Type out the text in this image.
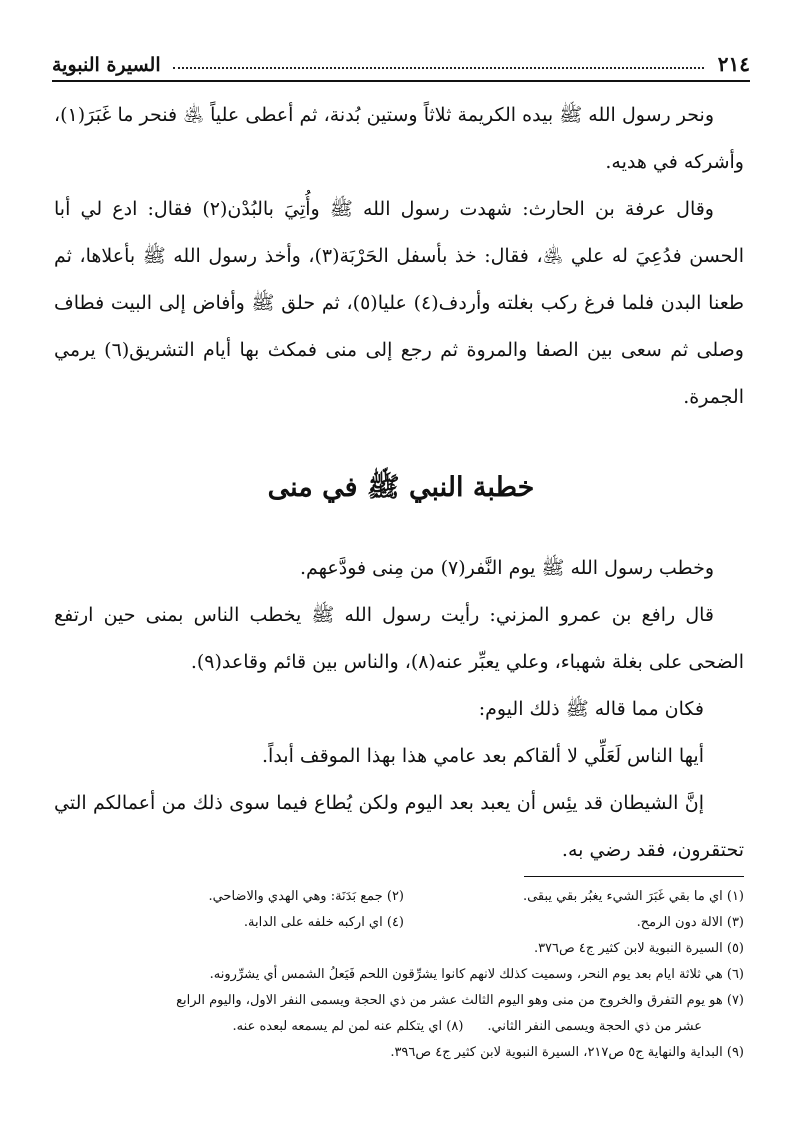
٢١٤
السيرة النبوية

ونحر رسول الله ﷺ بيده الكريمة ثلاثاً وستين بُدنة، ثم أعطى علياً ﵁ فنحر ما غَبَرَ(١)، وأشركه في هديه.

وقال عرفة بن الحارث: شهدت رسول الله ﷺ وأُتِيَ بالبُدْن(٢) فقال: ادع لي أبا الحسن فدُعِيَ له علي ﵁، فقال: خذ بأسفل الحَرْبَة(٣)، وأخذ رسول الله ﷺ بأعلاها، ثم طعنا البدن فلما فرغ ركب بغلته وأردف(٤) عليا(٥)، ثم حلق ﷺ وأفاض إلى البيت فطاف وصلى ثم سعى بين الصفا والمروة ثم رجع إلى منى فمكث بها أيام التشريق(٦) يرمي الجمرة.

خطبة النبي ﷺ في منى

وخطب رسول الله ﷺ يوم النَّفر(٧) من مِنى فودَّعهم.

قال رافع بن عمرو المزني: رأيت رسول الله ﷺ يخطب الناس بمنى حين ارتفع الضحى على بغلة شهباء، وعلي يعبِّر عنه(٨)، والناس بين قائم وقاعد(٩).

فكان مما قاله ﷺ ذلك اليوم:

أيها الناس لَعَلِّي لا ألقاكم بعد عامي هذا بهذا الموقف أبداً.

إنَّ الشيطان قد يئِس أن يعبد بعد اليوم ولكن يُطاع فيما سوى ذلك من أعمالكم التي تحتقرون، فقد رضي به.

(١) اي ما بقي غَبَرَ الشيء يغبُر بقي يبقى.
(٢) جمع بَدَنَة: وهي الهدي والاضاحي.
(٣) الالة دون الرمح.
(٤) اي اركبه خلفه على الدابة.

(٥) السيرة النبوية لابن كثير ج٤ ص٣٧٦.

(٦) هي ثلاثة ايام بعد يوم النحر، وسميت كذلك لانهم كانوا يشرِّقون اللحم فَيَعلُ الشمس أي يشرِّرونه.

(٧) هو يوم التفرق والخروج من منى وهو اليوم الثالث عشر من ذي الحجة ويسمى النفر الاول، واليوم الرابع

عشر من ذي الحجة ويسمى النفر الثاني.(٨) اي يتكلم عنه لمن لم يسمعه لبعده عنه.

(٩) البداية والنهاية ج٥ ص٢١٧، السيرة النبوية لابن كثير ج٤ ص٣٩٦.
